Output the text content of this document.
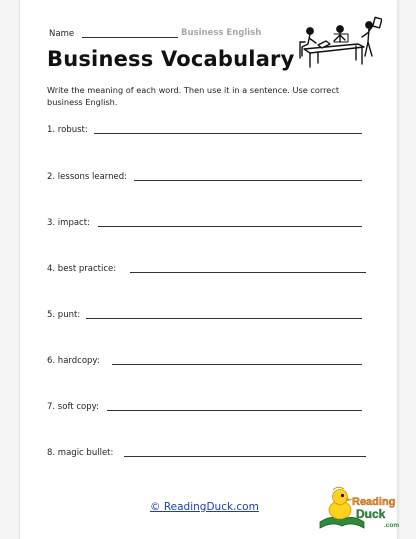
Name	Business English
Business Vocabulary
Write the meaning of each word. Then use it in a sentence. Use correct business English.
1. robust:
2. lessons learned:
3. impact:
4. best practice:
5. punt:
6. hardcopy:
7. soft copy:
8. magic bullet:
© ReadingDuck.com	Reading
Duck
.com
